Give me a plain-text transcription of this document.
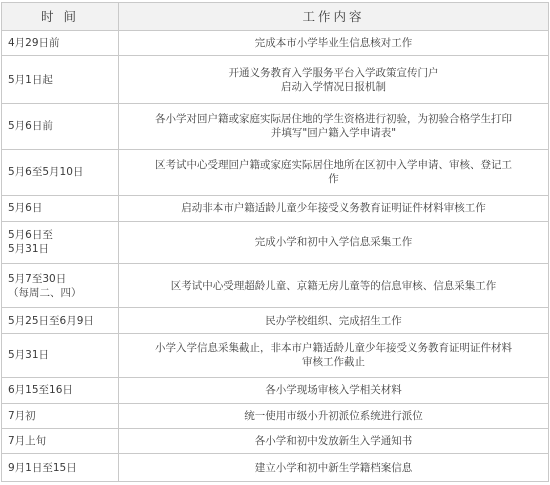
时 间	工作内容
4月29日前	完成本市小学毕业生信息核对工作
5月1日起	开通义务教育入学服务平台入学政策宣传门户
启动入学情况日报机制
5月6日前	各小学对回户籍或家庭实际居住地的学生资格进行初验，为初验合格学生打印
并填写"回户籍入学申请表"
5月6至5月10日	区考试中心受理回户籍或家庭实际居住地所在区初中入学申请、审核、登记工
作
5月6日	启动非本市户籍适龄儿童少年接受义务教育证明证件材料审核工作
5月6日至
5月31日	完成小学和初中入学信息采集工作
5月7至30日
（每周二、四）	区考试中心受理超龄儿童、京籍无房儿童等的信息审核、信息采集工作
5月25日至6月9日	民办学校组织、完成招生工作
5月31日	小学入学信息采集截止，非本市户籍适龄儿童少年接受义务教育证明证件材料
审核工作截止
6月15至16日	各小学现场审核入学相关材料
7月初	统一使用市级小升初派位系统进行派位
7月上旬	各小学和初中发放新生入学通知书
9月1日至15日	建立小学和初中新生学籍档案信息
